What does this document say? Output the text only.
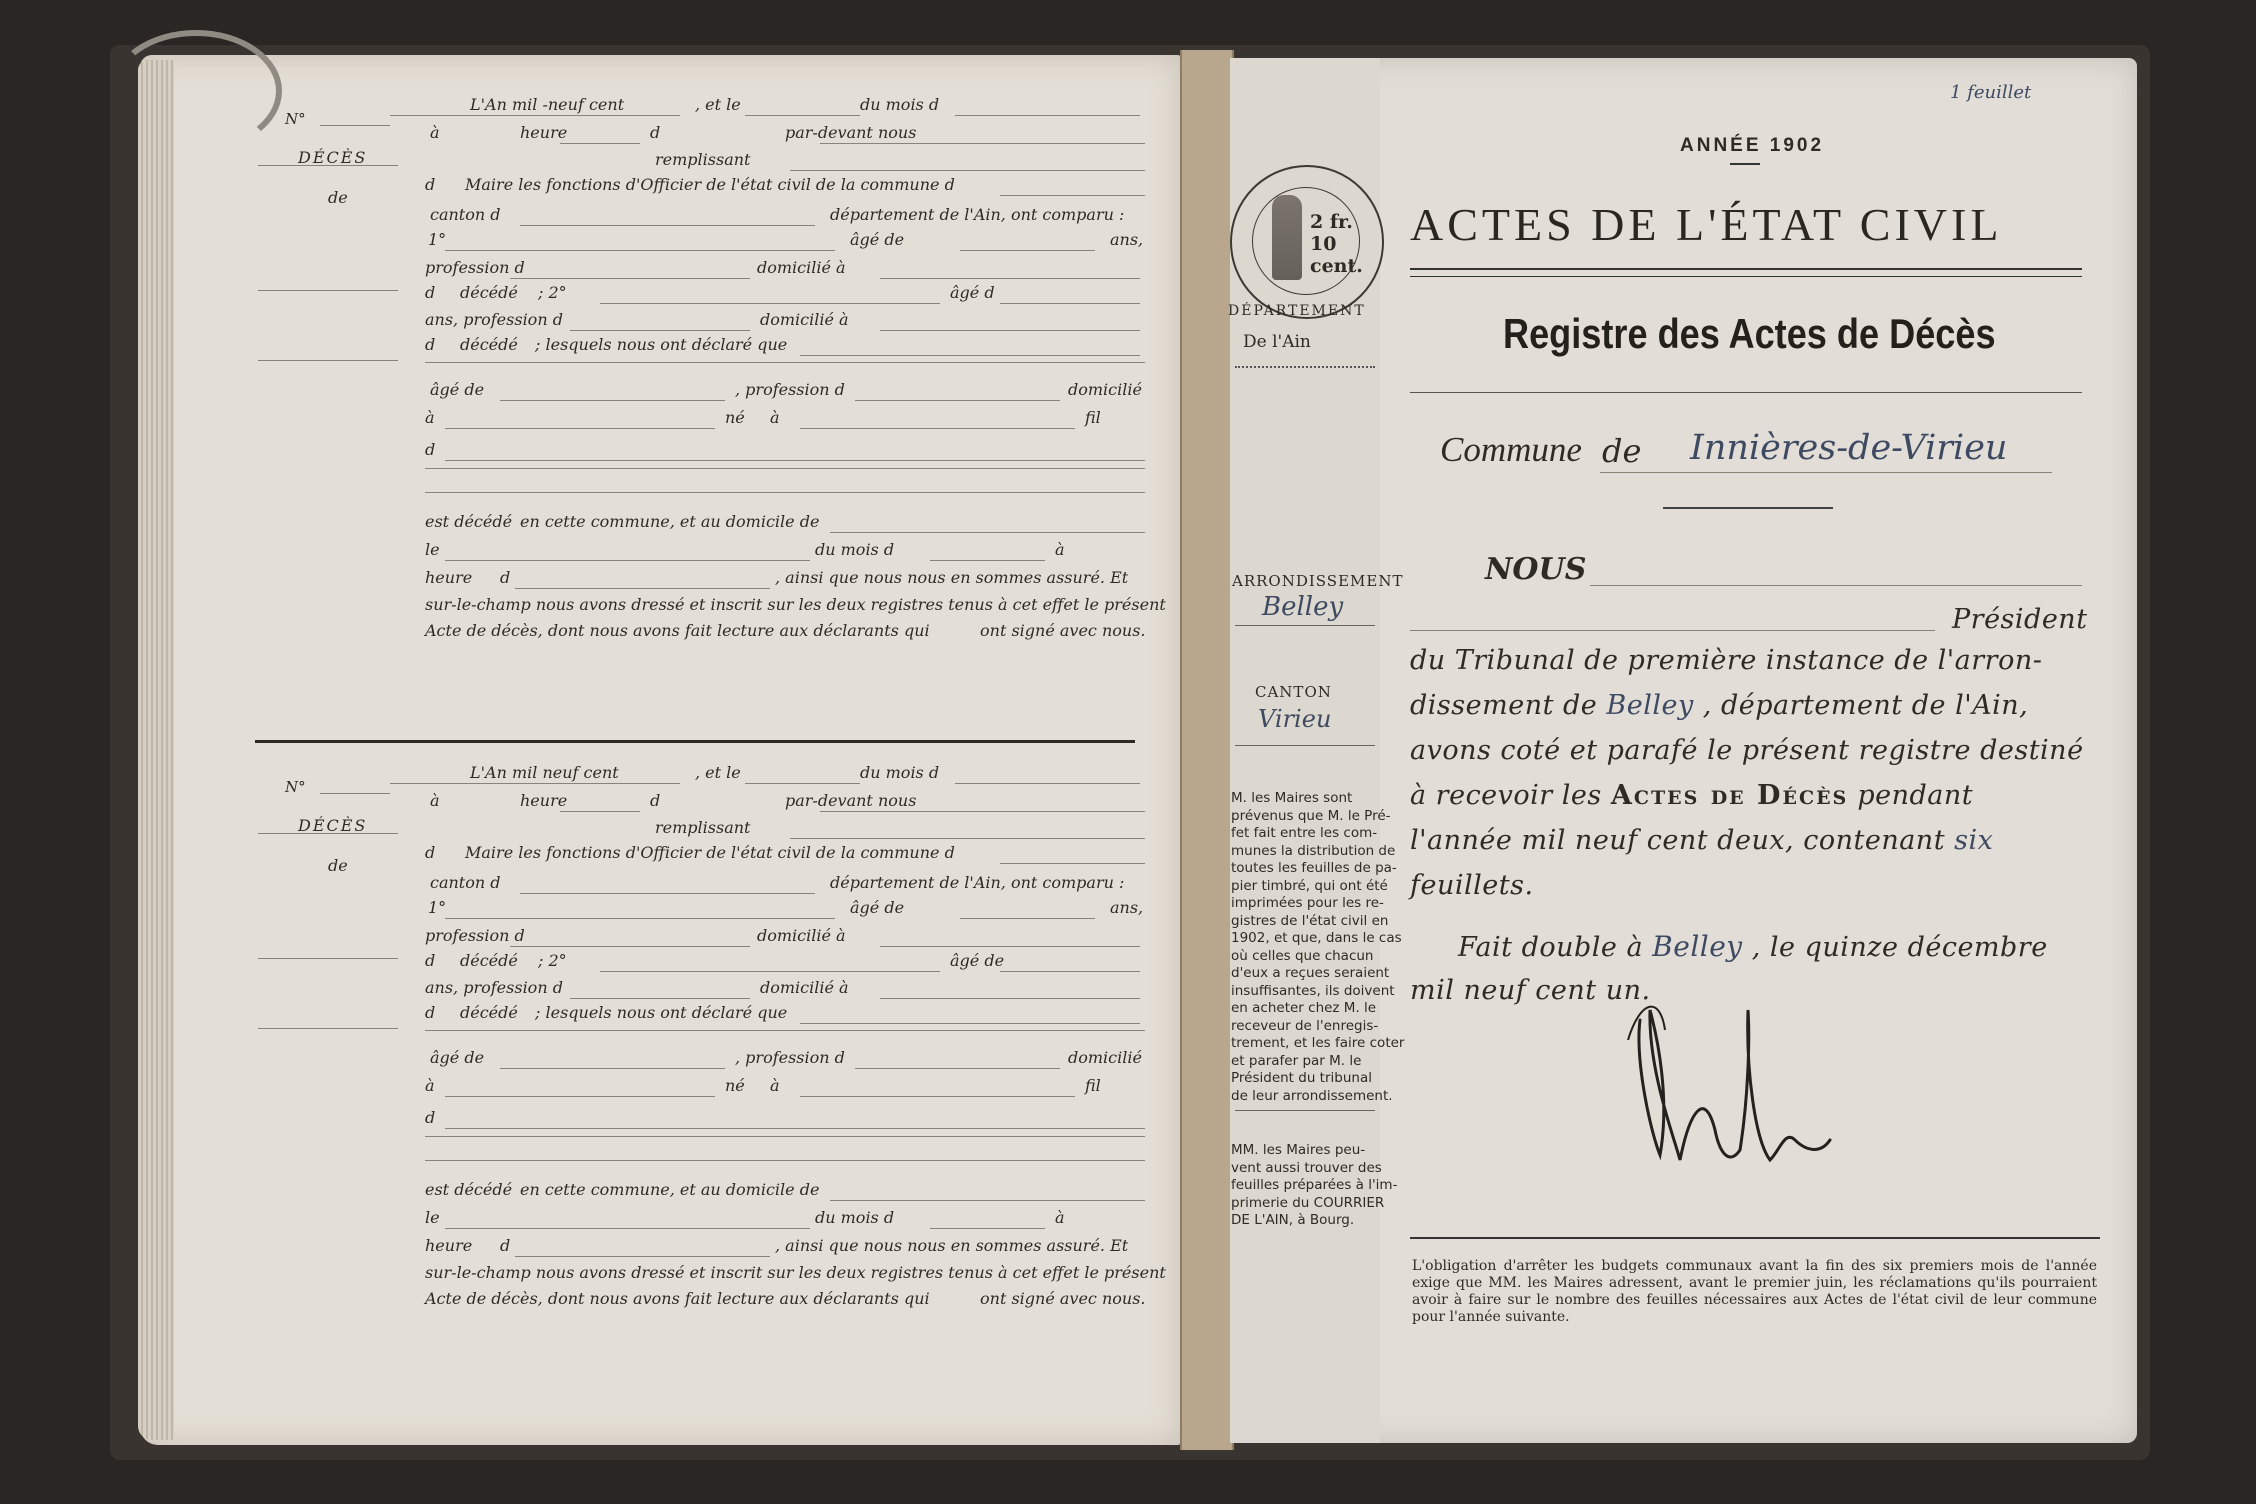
N°
DÉCÈS
de
L'An mil -neuf cent	, et le	du mois d
à	heure	d	par-devant nous
remplissant
d Maire les fonctions d'Officier de l'état civil de la commune d
canton d	département de l'Ain, ont comparu :
1°	âgé de	ans,
profession d	domicilié à
d décédé ; 2°	âgé d
ans, profession d	domicilié à
d décédé ; lesquels nous ont déclaré que
âgé de	, profession d	domicilié
à	né à	fil
d
est décédé en cette commune, et au domicile de
le	du mois d	à
heure d	, ainsi que nous nous en sommes assuré. Et
sur-le-champ nous avons dressé et inscrit sur les deux registres tenus à cet effet le présent
Acte de décès, dont nous avons fait lecture aux déclarants qui	ont signé avec nous.
N°
DÉCÈS
de
L'An mil neuf cent	, et le	du mois d
à	heure	d	par-devant nous
remplissant
d Maire les fonctions d'Officier de l'état civil de la commune d
canton d	département de l'Ain, ont comparu :
1°	âgé de	ans,
profession d	domicilié à
d décédé ; 2°	âgé de
ans, profession d	domicilié à
d décédé ; lesquels nous ont déclaré que
âgé de	, profession d	domicilié
à	né à	fil
d
est décédé en cette commune, et au domicile de
le	du mois d	à
heure d	, ainsi que nous nous en sommes assuré. Et
sur-le-champ nous avons dressé et inscrit sur les deux registres tenus à cet effet le présent
Acte de décès, dont nous avons fait lecture aux déclarants qui	ont signé avec nous.
1 feuillet
ANNÉE 1902
ACTES DE L'ÉTAT CIVIL
Registre des Actes de Décès
2 fr. 10 cent.
DÉPARTEMENT
De l'Ain
ARRONDISSEMENT
Belley
CANTON
Virieu
M. les Maires sont
prévenus que M. le Pré-
fet fait entre les com-
munes la distribution de
toutes les feuilles de pa-
pier timbré, qui ont été
imprimées pour les re-
gistres de l'état civil en
1902, et que, dans le cas
où celles que chacun
d'eux a reçues seraient
insuffisantes, ils doivent
en acheter chez M. le
receveur de l'enregis-
trement, et les faire coter
et parafer par M. le
Président du tribunal
de leur arrondissement.
MM. les Maires peu-
vent aussi trouver des
feuilles préparées à l'im-
primerie du COURRIER
DE L'AIN, à Bourg.
Commune de Innières-de-Virieu
NOUS
Président
du Tribunal de première instance de l'arron-
dissement de Belley , département de l'Ain,
avons coté et parafé le présent registre destiné
à recevoir les Actes de Décès pendant
l'année mil neuf cent deux, contenant six
feuillets.
Fait double à Belley , le quinze décembre
mil neuf cent un.
L'obligation d'arrêter les budgets communaux avant la fin des six premiers mois de l'année exige que MM. les Maires adressent, avant le premier juin, les réclamations qu'ils pourraient avoir à faire sur le nombre des feuilles nécessaires aux Actes de l'état civil de leur commune pour l'année suivante.
